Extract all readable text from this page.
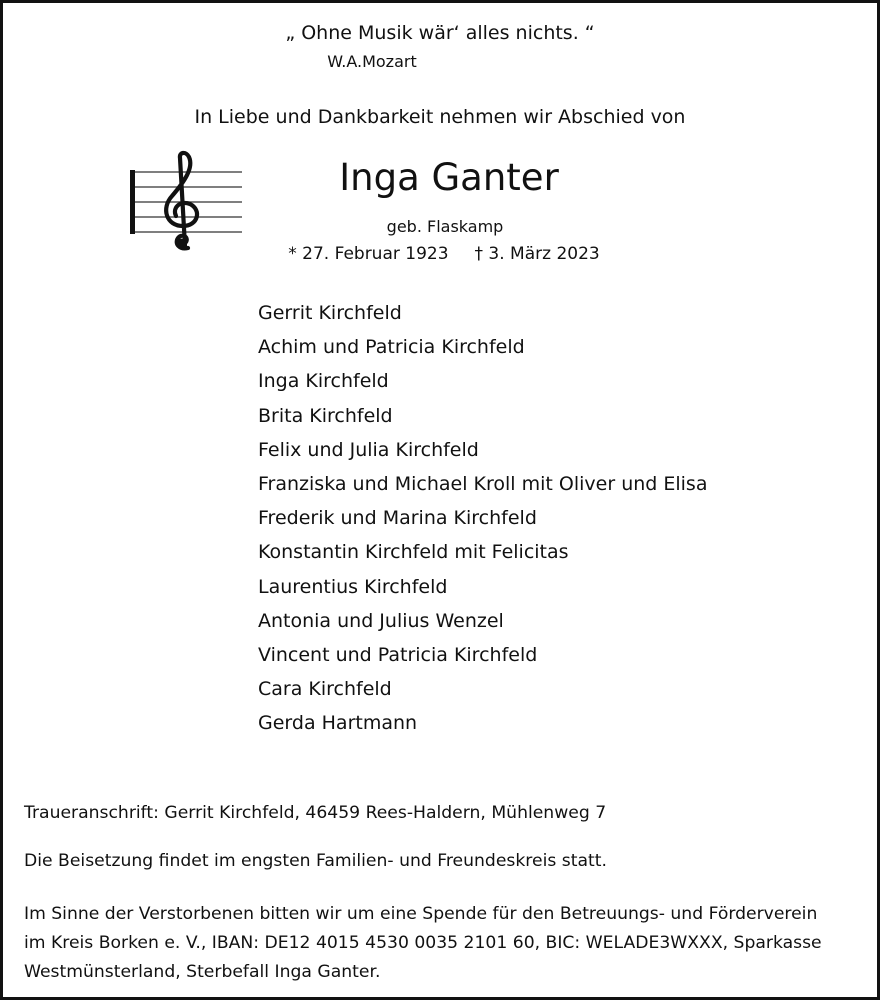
„ Ohne Musik wär‘ alles nichts. “
W.A.Mozart
In Liebe und Dankbarkeit nehmen wir Abschied von
Inga Ganter
geb. Flaskamp
* 27. Februar 1923 † 3. März 2023
Gerrit Kirchfeld
Achim und Patricia Kirchfeld
Inga Kirchfeld
Brita Kirchfeld
Felix und Julia Kirchfeld
Franziska und Michael Kroll mit Oliver und Elisa
Frederik und Marina Kirchfeld
Konstantin Kirchfeld mit Felicitas
Laurentius Kirchfeld
Antonia und Julius Wenzel
Vincent und Patricia Kirchfeld
Cara Kirchfeld
Gerda Hartmann
Traueranschrift: Gerrit Kirchfeld, 46459 Rees-Haldern, Mühlenweg 7
Die Beisetzung findet im engsten Familien- und Freundeskreis statt.
Im Sinne der Verstorbenen bitten wir um eine Spende für den Betreuungs- und Förderverein
im Kreis Borken e. V., IBAN: DE12 4015 4530 0035 2101 60, BIC: WELADE3WXXX, Sparkasse
Westmünsterland, Sterbefall Inga Ganter.
